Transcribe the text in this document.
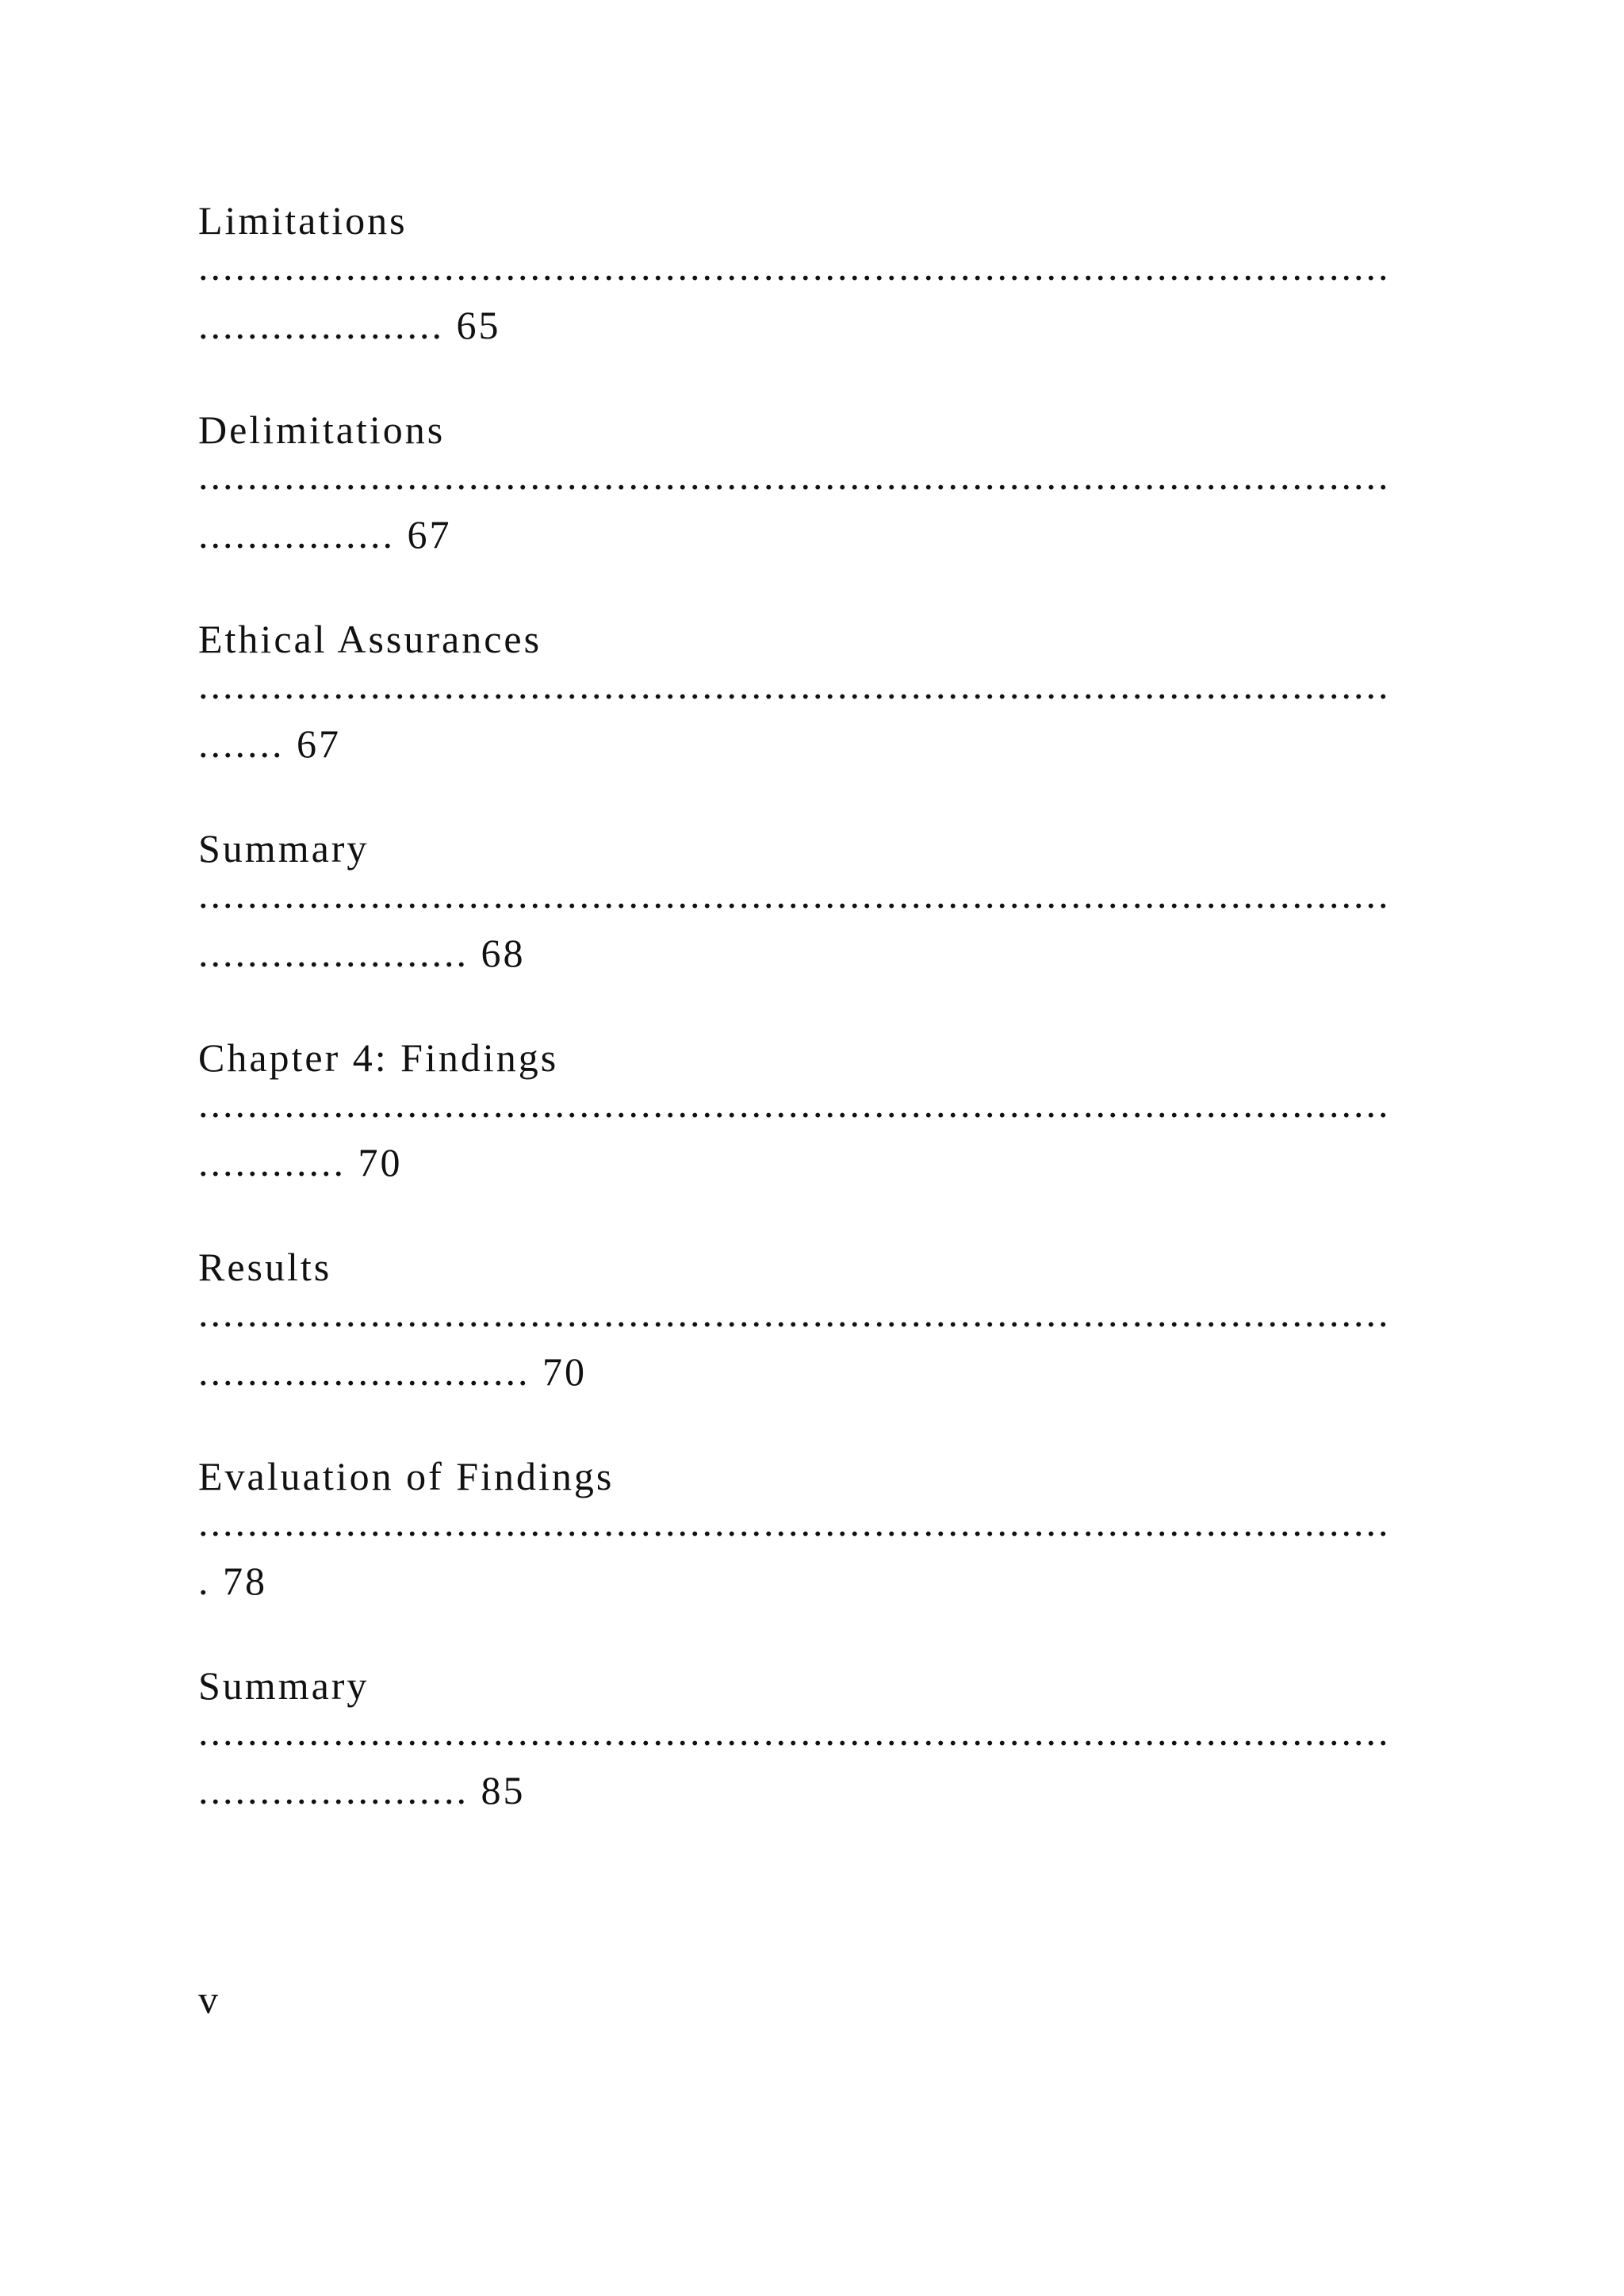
Limitations
.................................................................................................
.................... 65
Delimitations
.................................................................................................
................ 67
Ethical Assurances
.................................................................................................
....... 67
Summary
.................................................................................................
...................... 68
Chapter 4: Findings
.................................................................................................
............ 70
Results
.................................................................................................
........................... 70
Evaluation of Findings
.................................................................................................
. 78
Summary
.................................................................................................
...................... 85
v
